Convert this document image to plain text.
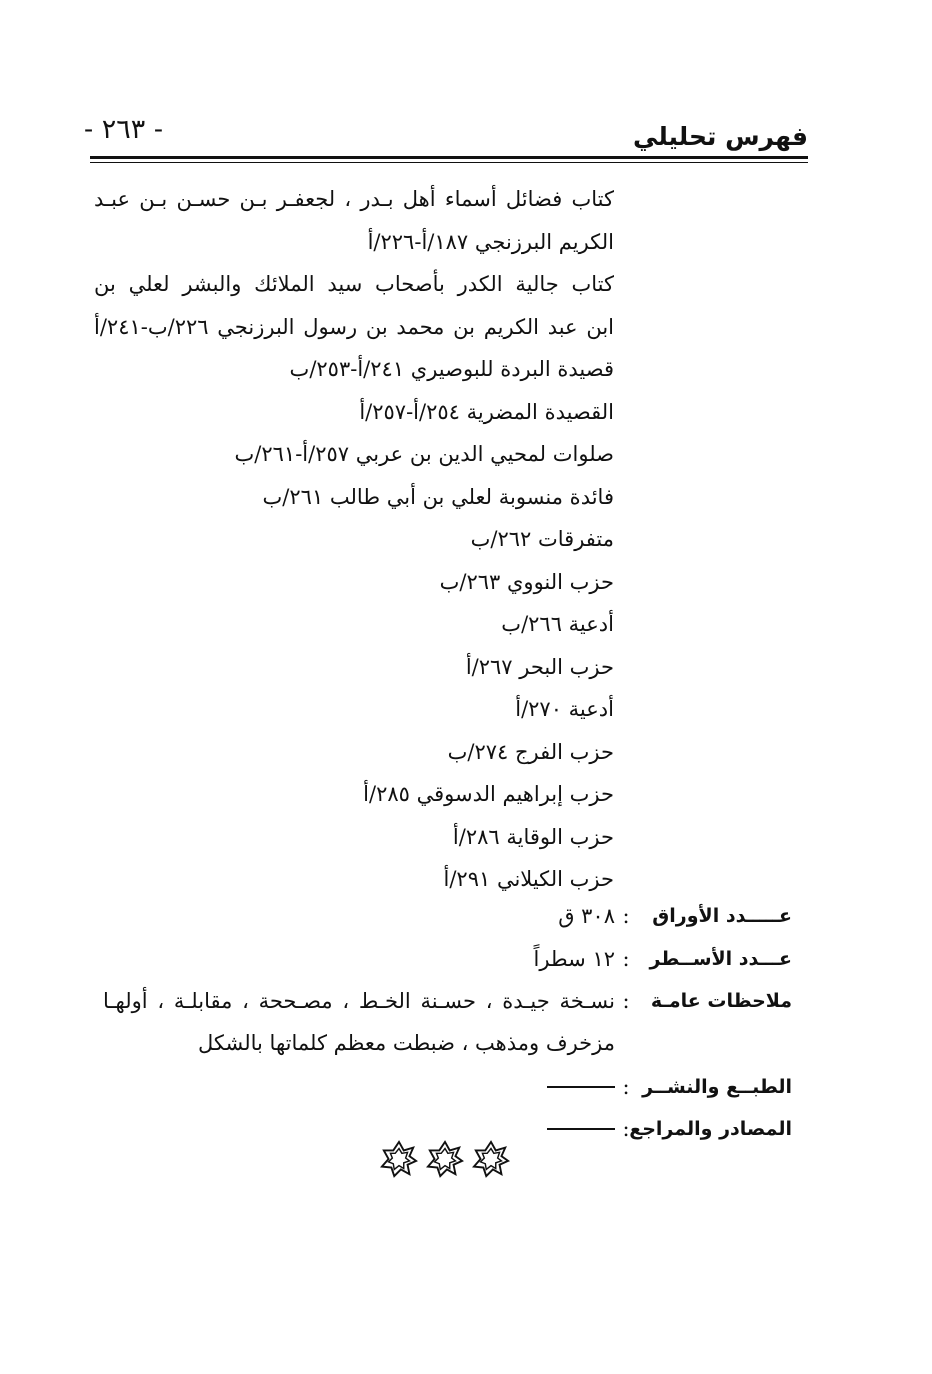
فهرس تحليلي
- ٢٦٣ -
كتاب فضائل أسماء أهل بـدر ، لجعفـر بـن حسـن بـن عبـد
الكريم البرزنجي ١٨٧/أ-٢٢٦/أ
كتاب جالية الكدر بأصحاب سيد الملائك والبشر لعلي بن
ابن عبد الكريم بن محمد بن رسول البرزنجي ٢٢٦/ب-٢٤١/أ
قصيدة البردة للبوصيري ٢٤١/أ-٢٥٣/ب
القصيدة المضرية ٢٥٤/أ-٢٥٧/أ
صلوات لمحيي الدين بن عربي ٢٥٧/أ-٢٦١/ب
فائدة منسوبة لعلي بن أبي طالب ٢٦١/ب
متفرقات ٢٦٢/ب
حزب النووي ٢٦٣/ب
أدعية ٢٦٦/ب
حزب البحر ٢٦٧/أ
أدعية ٢٧٠/أ
حزب الفرج ٢٧٤/ب
حزب إبراهيم الدسوقي ٢٨٥/أ
حزب الوقاية ٢٨٦/أ
حزب الكيلاني ٢٩١/أ
عـــــدد الأوراق
:
٣٠٨ ق
عـــدد الأســطر
:
١٢ سطراً
ملاحظات عامـة
:
نسـخة جيـدة ، حسـنة الخـط ، مصـححة ، مقابلـة ، أولهـا
مزخرف ومذهب ، ضبطت معظم كلماتها بالشكل
الطبــع والنشــر
:
المصادر والمراجع
:
